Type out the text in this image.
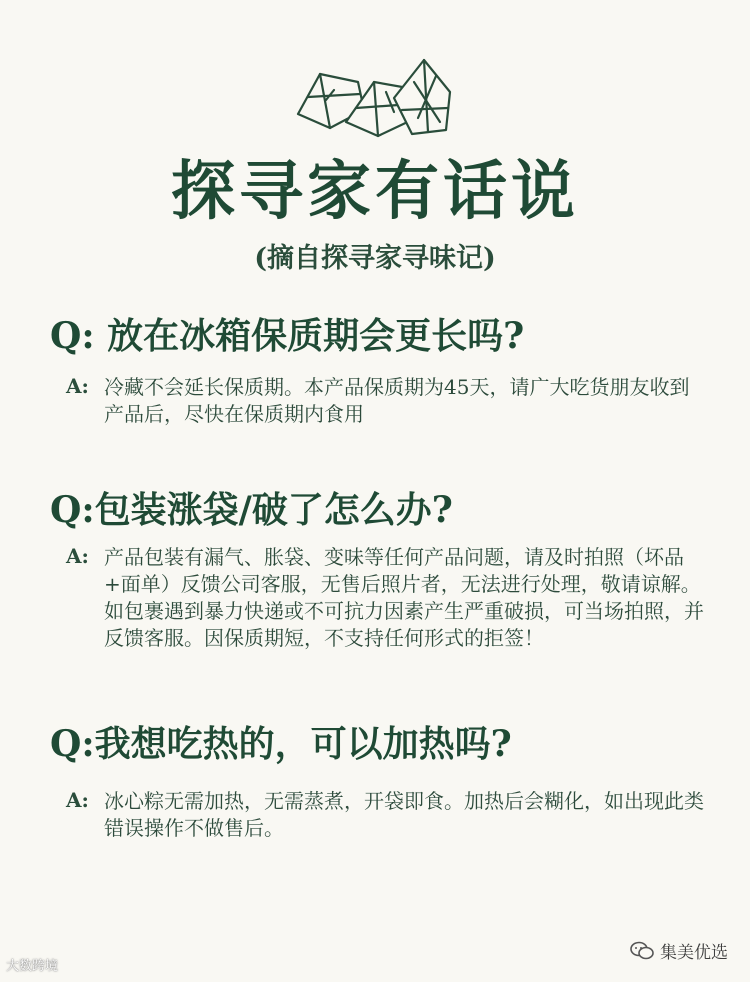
探寻家有话说
(摘自探寻家寻味记)
Q: 放在冰箱保质期会更长吗?
A: 冷藏不会延长保质期。本产品保质期为45天，请广大吃货朋友收到产品后，尽快在保质期内食用
Q:包装涨袋/破了怎么办?
A: 产品包装有漏气、胀袋、变味等任何产品问题，请及时拍照（坏品+面单）反馈公司客服，无售后照片者，无法进行处理，敬请谅解。如包裹遇到暴力快递或不可抗力因素产生严重破损，可当场拍照，并反馈客服。因保质期短，不支持任何形式的拒签！
Q:我想吃热的，可以加热吗?
A: 冰心粽无需加热，无需蒸煮，开袋即食。加热后会糊化，如出现此类错误操作不做售后。
大数跨境
集美优选
